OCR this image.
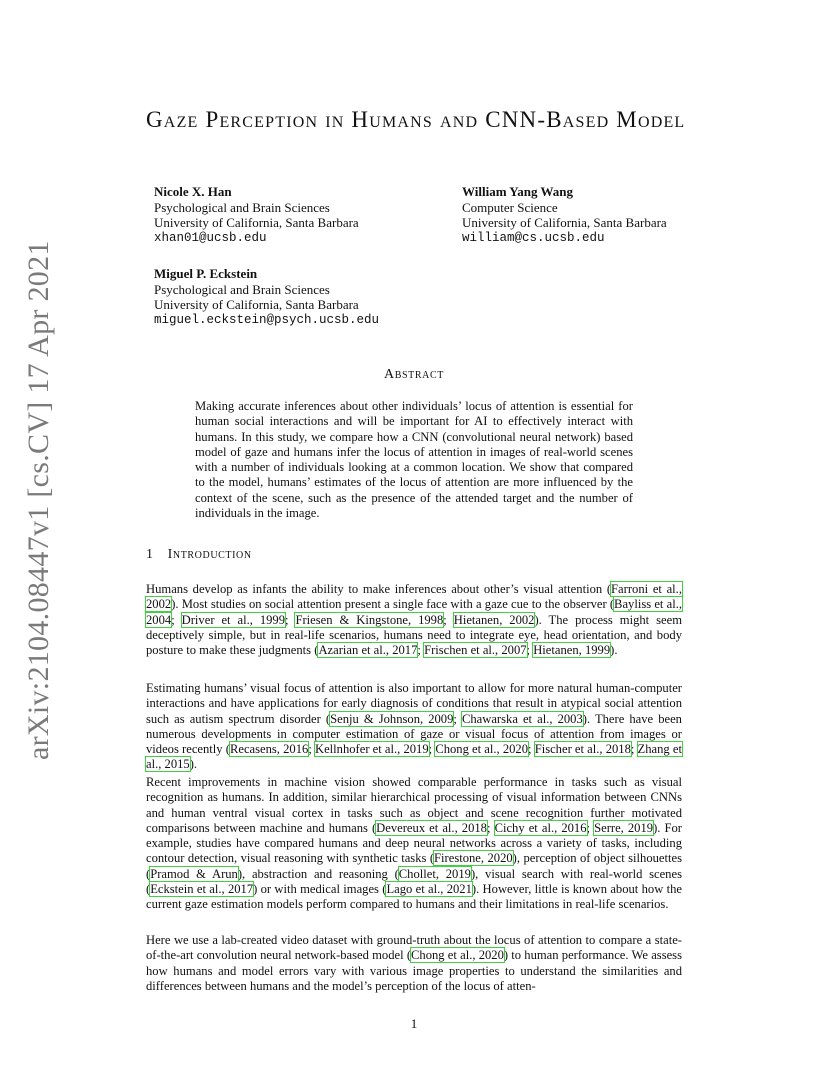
arXiv:2104.08447v1 [cs.CV] 17 Apr 2021
Gaze Perception in Humans and CNN-Based Model
Nicole X. Han
Psychological and Brain Sciences
University of California, Santa Barbara
xhan01@ucsb.edu
William Yang Wang
Computer Science
University of California, Santa Barbara
william@cs.ucsb.edu
Miguel P. Eckstein
Psychological and Brain Sciences
University of California, Santa Barbara
miguel.eckstein@psych.ucsb.edu
Abstract

Making accurate inferences about other individuals’ locus of attention is essential for human social interactions and will be important for AI to effectively interact with humans. In this study, we compare how a CNN (convolutional neural network) based model of gaze and humans infer the locus of attention in images of real-world scenes with a number of individuals looking at a common location. We show that compared to the model, humans’ estimates of the locus of attention are more influenced by the context of the scene, such as the presence of the attended target and the number of individuals in the image.

1 Introduction

Humans develop as infants the ability to make inferences about other’s visual attention (Farroni et al., 2002). Most studies on social attention present a single face with a gaze cue to the observer (Bayliss et al., 2004; Driver et al., 1999; Friesen & Kingstone, 1998; Hietanen, 2002). The process might seem deceptively simple, but in real-life scenarios, humans need to integrate eye, head orientation, and body posture to make these judgments (Azarian et al., 2017; Frischen et al., 2007; Hietanen, 1999).

Estimating humans’ visual focus of attention is also important to allow for more natural human-computer interactions and have applications for early diagnosis of conditions that result in atypical social attention such as autism spectrum disorder (Senju & Johnson, 2009; Chawarska et al., 2003). There have been numerous developments in computer estimation of gaze or visual focus of attention from images or videos recently (Recasens, 2016; Kellnhofer et al., 2019; Chong et al., 2020; Fischer et al., 2018; Zhang et al., 2015).

Recent improvements in machine vision showed comparable performance in tasks such as visual recognition as humans. In addition, similar hierarchical processing of visual information between CNNs and human ventral visual cortex in tasks such as object and scene recognition further motivated comparisons between machine and humans (Devereux et al., 2018; Cichy et al., 2016; Serre, 2019). For example, studies have compared humans and deep neural networks across a variety of tasks, including contour detection, visual reasoning with synthetic tasks (Firestone, 2020), perception of object silhouettes (Pramod & Arun), abstraction and reasoning (Chollet, 2019), visual search with real-world scenes (Eckstein et al., 2017) or with medical images (Lago et al., 2021). However, little is known about how the current gaze estimation models perform compared to humans and their limitations in real-life scenarios.

Here we use a lab-created video dataset with ground-truth about the locus of attention to compare a state-of-the-art convolution neural network-based model (Chong et al., 2020) to human performance. We assess how humans and model errors vary with various image properties to understand the similarities and differences between humans and the model’s perception of the locus of atten-

1
